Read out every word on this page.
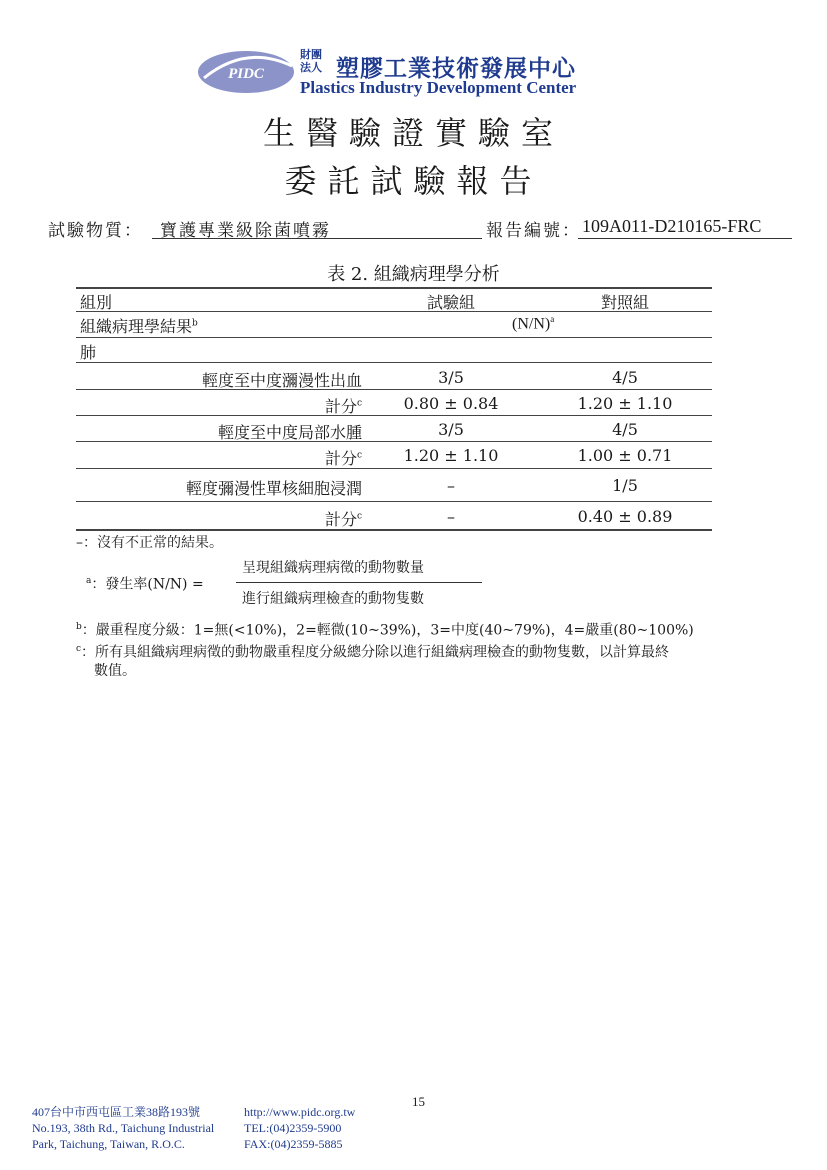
PIDC
財團法人 塑膠工業技術發展中心
Plastics Industry Development Center
生醫驗證實驗室
委託試驗報告
試驗物質： 寶護專業級除菌噴霧	報告編號： 109A011-D210165-FRC
表 2. 組織病理學分析
組別	試驗組	對照組
組織病理學結果$^b$	$(N/N)^a$
肺
輕度至中度瀰漫性出血	3/5	4/5
計分$^c$	0.80 ± 0.84	1.20 ± 1.10
輕度至中度局部水腫	3/5	4/5
計分$^c$	1.20 ± 1.10	1.00 ± 0.71
輕度彌漫性單核細胞浸潤	–	1/5
計分$^c$	–	0.40 ± 0.89
–：沒有不正常的結果。
$^a$：發生率(N/N) =
呈現組織病理病徵的動物數量
進行組織病理檢查的動物隻數
$^b$：嚴重程度分級：1=無(<10%)，2=輕微(10~39%)，3=中度(40~79%)，4=嚴重(80~100%)
$^c$：所有具組織病理病徵的動物嚴重程度分級總分除以進行組織病理檢查的動物隻數，以計算最終
數值。
15
407台中市西屯區工業38路193號
No.193, 38th Rd., Taichung Industrial
Park, Taichung, Taiwan, R.O.C.
http://www.pidc.org.tw
TEL:(04)2359-5900
FAX:(04)2359-5885
